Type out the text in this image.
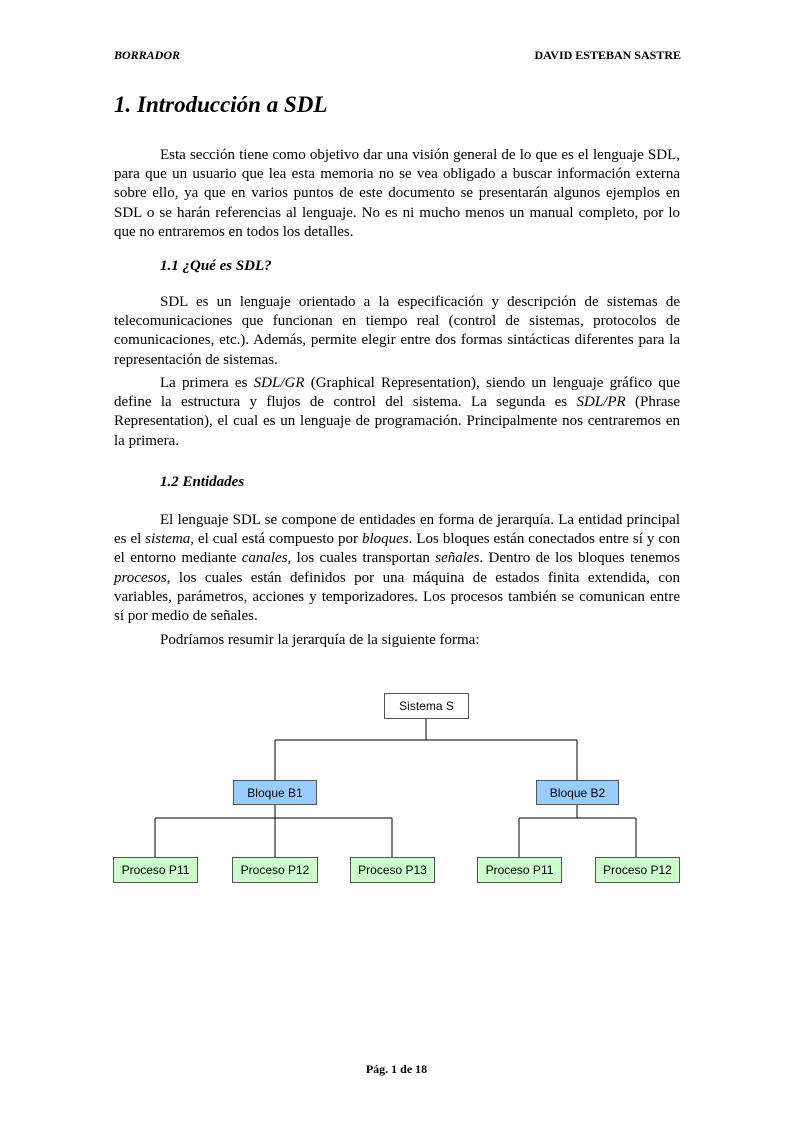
BORRADOR	DAVID ESTEBAN SASTRE
1. Introducción a SDL

Esta sección tiene como objetivo dar una visión general de lo que es el lenguaje SDL, para que un usuario que lea esta memoria no se vea obligado a buscar información externa sobre ello, ya que en varios puntos de este documento se presentarán algunos ejemplos en SDL o se harán referencias al lenguaje. No es ni mucho menos un manual completo, por lo que no entraremos en todos los detalles.

1.1 ¿Qué es SDL?

SDL es un lenguaje orientado a la especificación y descripción de sistemas de telecomunicaciones que funcionan en tiempo real (control de sistemas, protocolos de comunicaciones, etc.). Además, permite elegir entre dos formas sintácticas diferentes para la representación de sistemas.

La primera es SDL/GR (Graphical Representation), siendo un lenguaje gráfico que define la estructura y flujos de control del sistema. La segunda es SDL/PR (Phrase Representation), el cual es un lenguaje de programación. Principalmente nos centraremos en la primera.

1.2 Entidades

El lenguaje SDL se compone de entidades en forma de jerarquía. La entidad principal es el sistema, el cual está compuesto por bloques. Los bloques están conectados entre sí y con el entorno mediante canales, los cuales transportan señales. Dentro de los bloques tenemos procesos, los cuales están definidos por una máquina de estados finita extendida, con variables, parámetros, acciones y temporizadores. Los procesos también se comunican entre sí por medio de señales.

Podríamos resumir la jerarquía de la siguiente forma:

Sistema S
Bloque B1	Bloque B2
Proceso P11	Proceso P12	Proceso P13	Proceso P11	Proceso P12
Pág. 1 de 18
